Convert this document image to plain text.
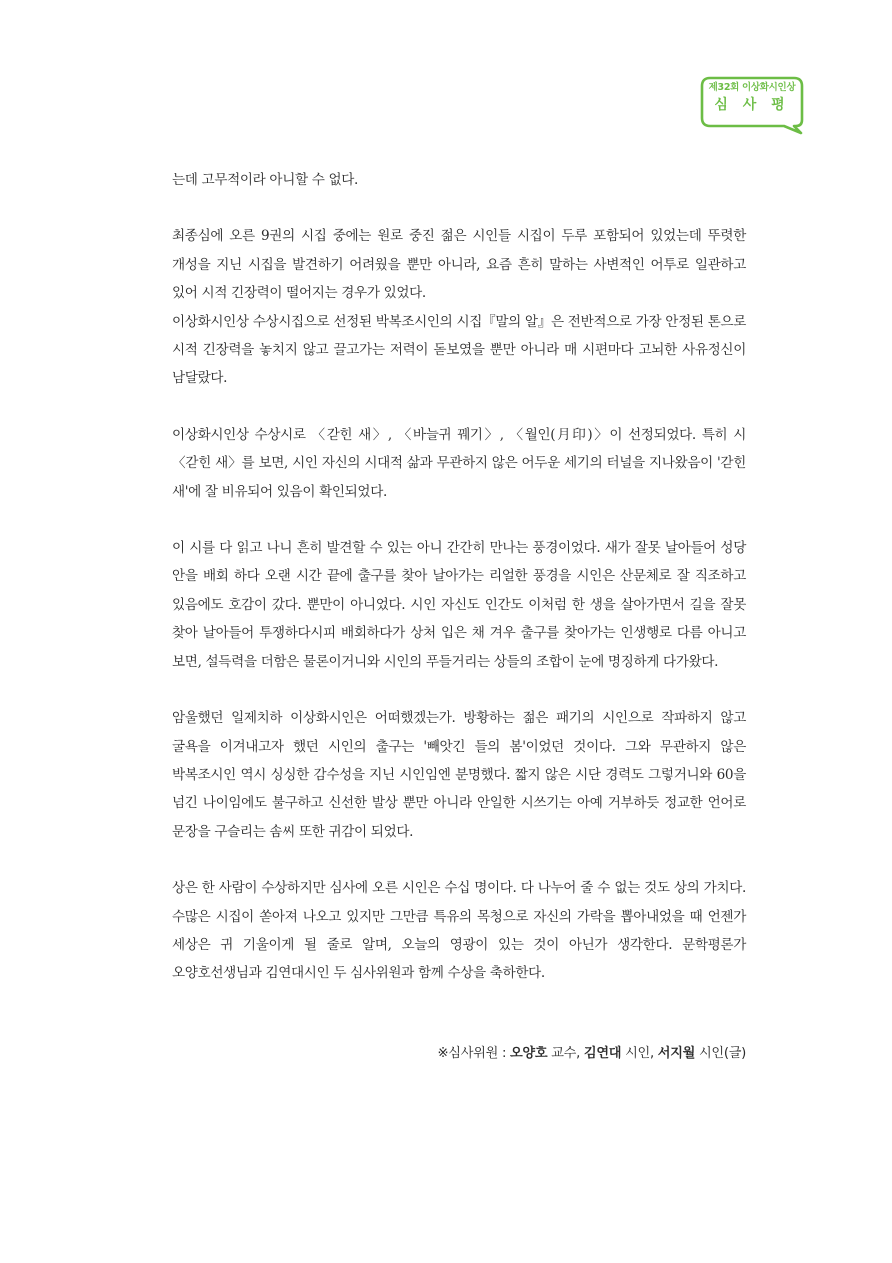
제32회 이상화시인상
심 사 평

는데 고무적이라 아니할 수 없다.

최종심에 오른 9권의 시집 중에는 원로 중진 젊은 시인들 시집이 두루 포함되어 있었는데 뚜렷한 개성을 지닌 시집을 발견하기 어려웠을 뿐만 아니라, 요즘 흔히 말하는 사변적인 어투로 일관하고 있어 시적 긴장력이 떨어지는 경우가 있었다.

이상화시인상 수상시집으로 선정된 박복조시인의 시집『말의 알』은 전반적으로 가장 안정된 톤으로 시적 긴장력을 놓치지 않고 끌고가는 저력이 돋보였을 뿐만 아니라 매 시편마다 고뇌한 사유정신이 남달랐다.

이상화시인상 수상시로 〈갇힌 새〉, 〈바늘귀 꿰기〉, 〈월인(月印)〉이 선정되었다. 특히 시 〈갇힌 새〉를 보면, 시인 자신의 시대적 삶과 무관하지 않은 어두운 세기의 터널을 지나왔음이 '갇힌 새'에 잘 비유되어 있음이 확인되었다.

이 시를 다 읽고 나니 흔히 발견할 수 있는 아니 간간히 만나는 풍경이었다. 새가 잘못 날아들어 성당 안을 배회 하다 오랜 시간 끝에 출구를 찾아 날아가는 리얼한 풍경을 시인은 산문체로 잘 직조하고 있음에도 호감이 갔다. 뿐만이 아니었다. 시인 자신도 인간도 이처럼 한 생을 살아가면서 길을 잘못 찾아 날아들어 투쟁하다시피 배회하다가 상처 입은 채 겨우 출구를 찾아가는 인생행로 다름 아니고 보면, 설득력을 더함은 물론이거니와 시인의 푸들거리는 상들의 조합이 눈에 명징하게 다가왔다.

암울했던 일제치하 이상화시인은 어떠했겠는가. 방황하는 젊은 패기의 시인으로 작파하지 않고 굴욕을 이겨내고자 했던 시인의 출구는 '빼앗긴 들의 봄'이었던 것이다. 그와 무관하지 않은 박복조시인 역시 싱싱한 감수성을 지닌 시인임엔 분명했다. 짧지 않은 시단 경력도 그렇거니와 60을 넘긴 나이임에도 불구하고 신선한 발상 뿐만 아니라 안일한 시쓰기는 아예 거부하듯 정교한 언어로 문장을 구슬리는 솜씨 또한 귀감이 되었다.

상은 한 사람이 수상하지만 심사에 오른 시인은 수십 명이다. 다 나누어 줄 수 없는 것도 상의 가치다. 수많은 시집이 쏟아져 나오고 있지만 그만큼 특유의 목청으로 자신의 가락을 뽑아내었을 때 언젠가 세상은 귀 기울이게 될 줄로 알며, 오늘의 영광이 있는 것이 아닌가 생각한다. 문학평론가 오양호선생님과 김연대시인 두 심사위원과 함께 수상을 축하한다.

※심사위원 : 오양호 교수, 김연대 시인, 서지월 시인(글)
